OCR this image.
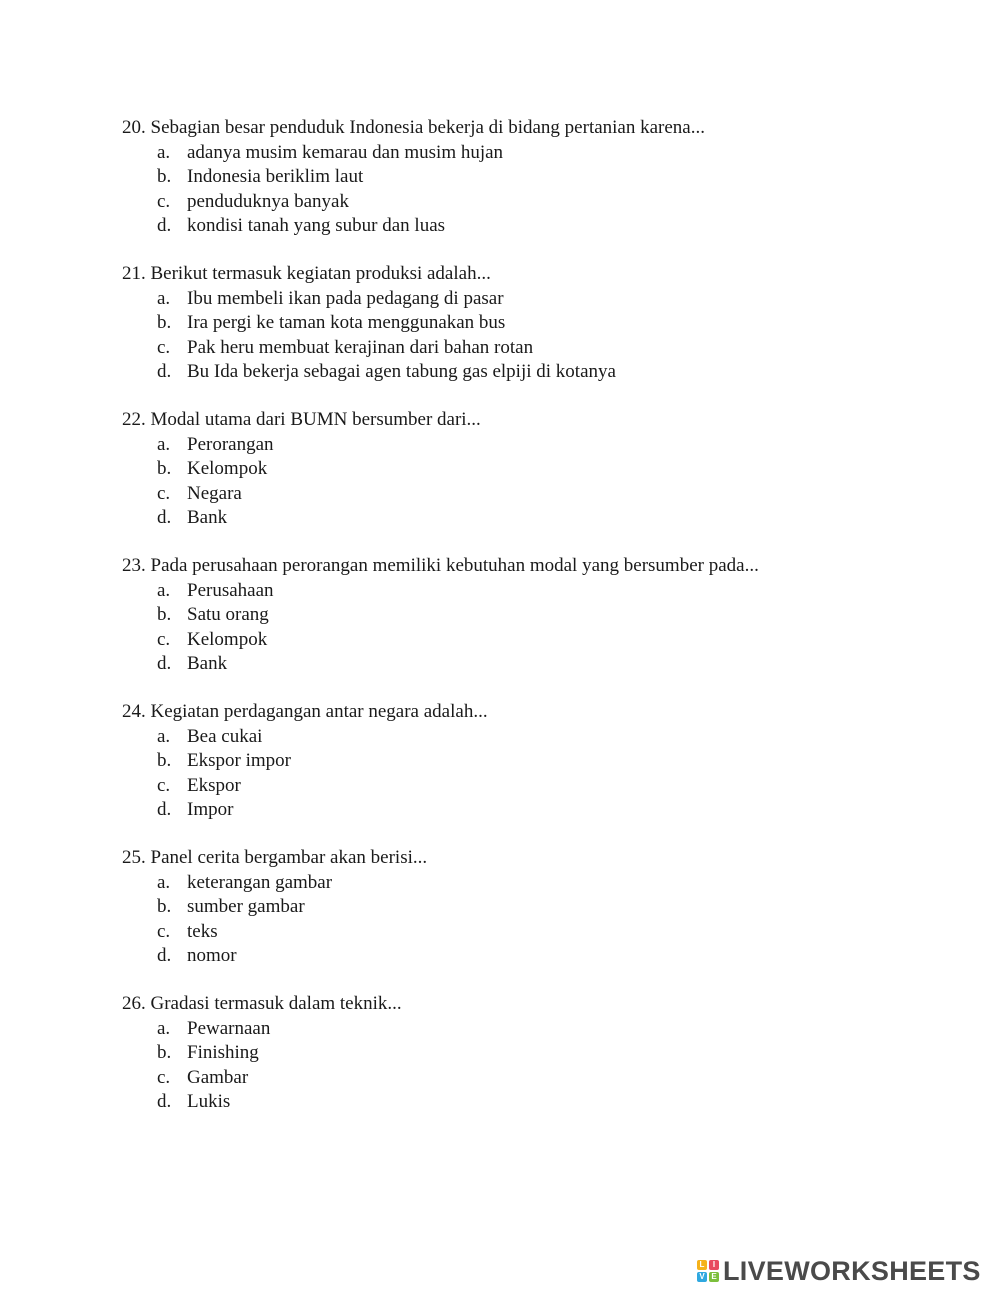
20. Sebagian besar penduduk Indonesia bekerja di bidang pertanian karena...
a. adanya musim kemarau dan musim hujan
b. Indonesia beriklim laut
c. penduduknya banyak
d. kondisi tanah yang subur dan luas
21. Berikut termasuk kegiatan produksi adalah...
a. Ibu membeli ikan pada pedagang di pasar
b. Ira pergi ke taman kota menggunakan bus
c. Pak heru membuat kerajinan dari bahan rotan
d. Bu Ida bekerja sebagai agen tabung gas elpiji di kotanya
22. Modal utama dari BUMN bersumber dari...
a. Perorangan
b. Kelompok
c. Negara
d. Bank
23. Pada perusahaan perorangan memiliki kebutuhan modal yang bersumber pada...
a. Perusahaan
b. Satu orang
c. Kelompok
d. Bank
24. Kegiatan perdagangan antar negara adalah...
a. Bea cukai
b. Ekspor impor
c. Ekspor
d. Impor
25. Panel cerita bergambar akan berisi...
a. keterangan gambar
b. sumber gambar
c. teks
d. nomor
26. Gradasi termasuk dalam teknik...
a. Pewarnaan
b. Finishing
c. Gambar
d. Lukis
L	I
V E LIVEWORKSHEETS
